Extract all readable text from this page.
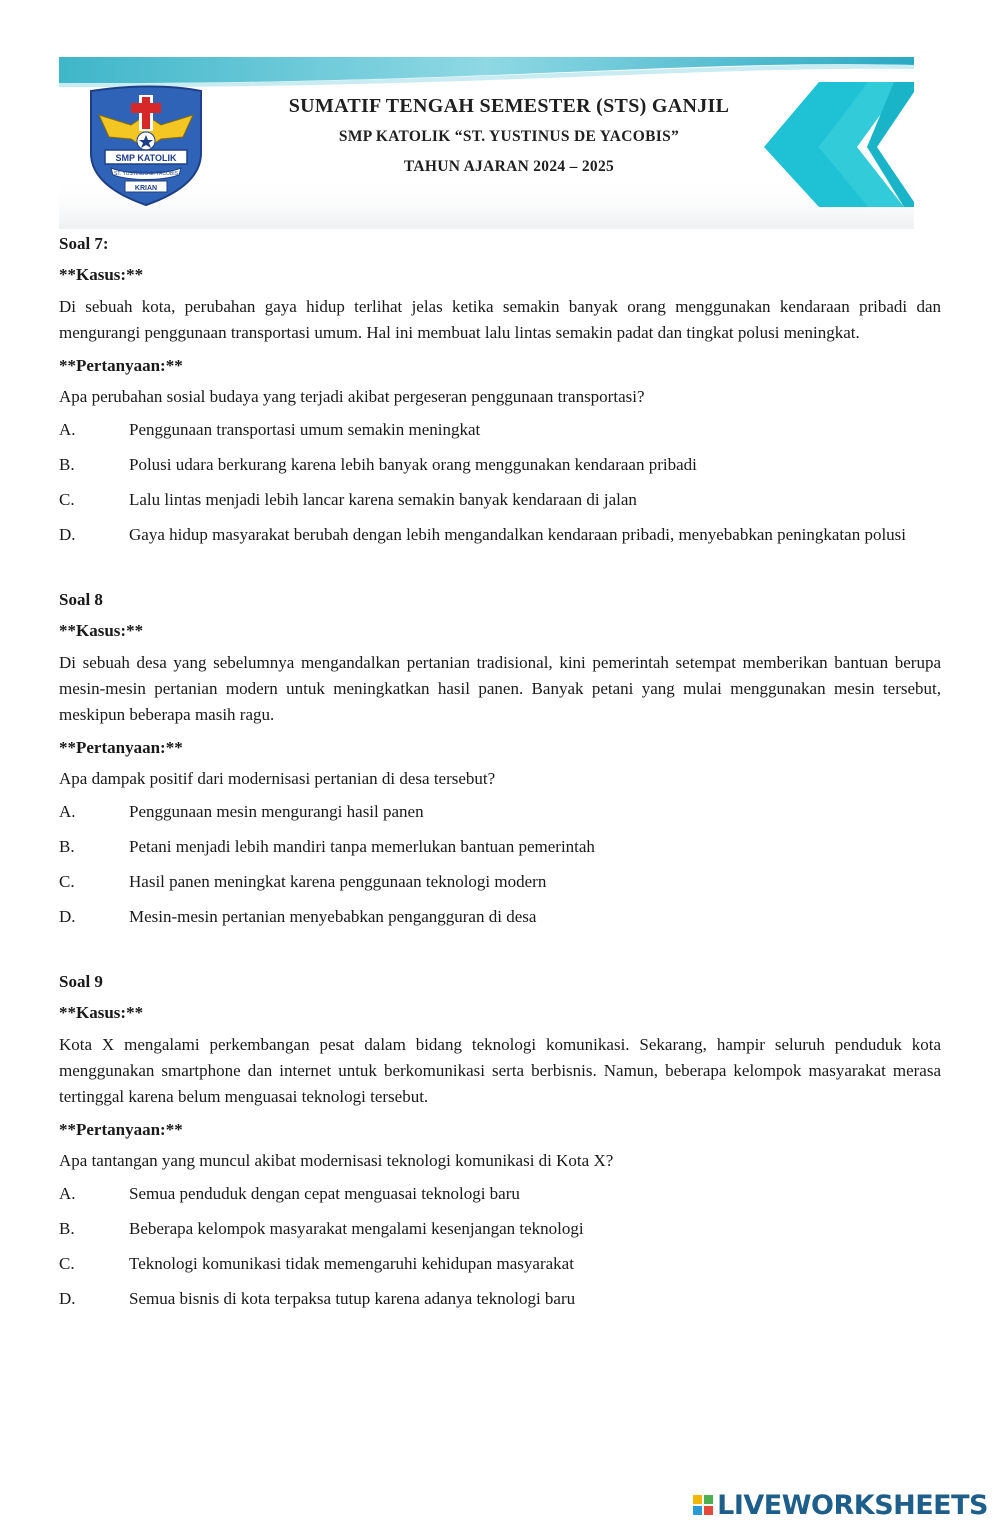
SMP KATOLIK
ST. YUSTINUS de YACOBIS
KRIAN
SUMATIF TENGAH SEMESTER (STS) GANJIL
SMP KATOLIK “ST. YUSTINUS DE YACOBIS”
TAHUN AJARAN 2024 – 2025

Soal 7:

**Kasus:**

Di sebuah kota, perubahan gaya hidup terlihat jelas ketika semakin banyak orang menggunakan kendaraan pribadi dan mengurangi penggunaan transportasi umum. Hal ini membuat lalu lintas semakin padat dan tingkat polusi meningkat.

**Pertanyaan:**

Apa perubahan sosial budaya yang terjadi akibat pergeseran penggunaan transportasi?

A.	Penggunaan transportasi umum semakin meningkat
B.	Polusi udara berkurang karena lebih banyak orang menggunakan kendaraan pribadi
C.	Lalu lintas menjadi lebih lancar karena semakin banyak kendaraan di jalan
D.	Gaya hidup masyarakat berubah dengan lebih mengandalkan kendaraan pribadi, menyebabkan peningkatan polusi

Soal 8

**Kasus:**

Di sebuah desa yang sebelumnya mengandalkan pertanian tradisional, kini pemerintah setempat memberikan bantuan berupa mesin-mesin pertanian modern untuk meningkatkan hasil panen. Banyak petani yang mulai menggunakan mesin tersebut, meskipun beberapa masih ragu.

**Pertanyaan:**

Apa dampak positif dari modernisasi pertanian di desa tersebut?

A.	Penggunaan mesin mengurangi hasil panen
B.	Petani menjadi lebih mandiri tanpa memerlukan bantuan pemerintah
C.	Hasil panen meningkat karena penggunaan teknologi modern
D.	Mesin-mesin pertanian menyebabkan pengangguran di desa

Soal 9

**Kasus:**

Kota X mengalami perkembangan pesat dalam bidang teknologi komunikasi. Sekarang, hampir seluruh penduduk kota menggunakan smartphone dan internet untuk berkomunikasi serta berbisnis. Namun, beberapa kelompok masyarakat merasa tertinggal karena belum menguasai teknologi tersebut.

**Pertanyaan:**

Apa tantangan yang muncul akibat modernisasi teknologi komunikasi di Kota X?

A.	Semua penduduk dengan cepat menguasai teknologi baru
B.	Beberapa kelompok masyarakat mengalami kesenjangan teknologi
C.	Teknologi komunikasi tidak memengaruhi kehidupan masyarakat
D.	Semua bisnis di kota terpaksa tutup karena adanya teknologi baru
LIVEWORKSHEETS
